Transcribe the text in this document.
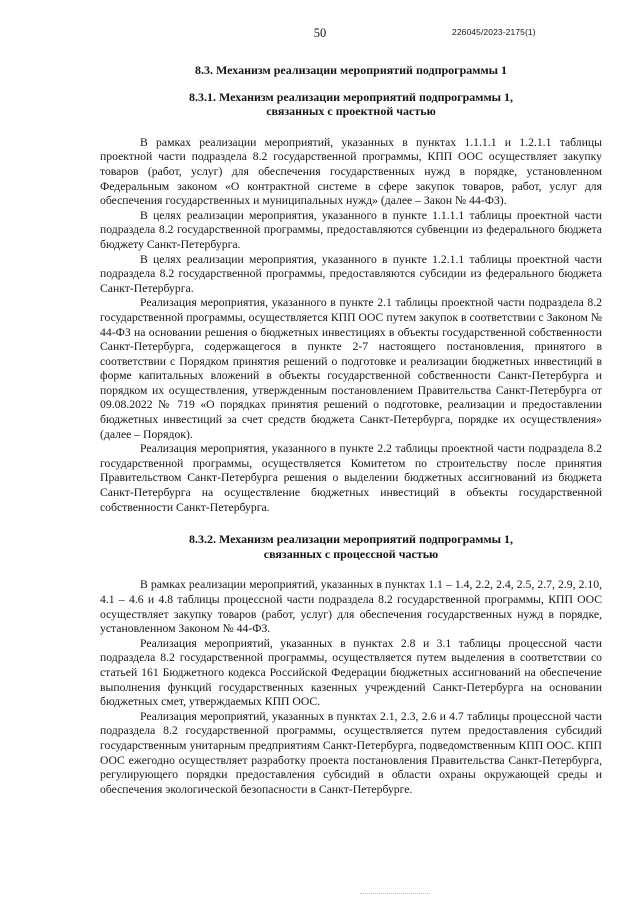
50	226045/2023-2175(1)

8.3. Механизм реализации мероприятий подпрограммы 1

8.3.1. Механизм реализации мероприятий подпрограммы 1,

связанных с проектной частью

В рамках реализации мероприятий, указанных в пунктах 1.1.1.1 и 1.2.1.1 таблицы проектной части подраздела 8.2 государственной программы, КПП ООС осуществляет закупку товаров (работ, услуг) для обеспечения государственных нужд в порядке, установленном Федеральным законом «О контрактной системе в сфере закупок товаров, работ, услуг для обеспечения государственных и муниципальных нужд» (далее – Закон № 44-ФЗ).

В целях реализации мероприятия, указанного в пункте 1.1.1.1 таблицы проектной части подраздела 8.2 государственной программы, предоставляются субвенции из федерального бюджета бюджету Санкт-Петербурга.

В целях реализации мероприятия, указанного в пункте 1.2.1.1 таблицы проектной части подраздела 8.2 государственной программы, предоставляются субсидии из федерального бюджета Санкт-Петербурга.

Реализация мероприятия, указанного в пункте 2.1 таблицы проектной части подраздела 8.2 государственной программы, осуществляется КПП ООС путем закупок в соответствии с Законом № 44-ФЗ на основании решения о бюджетных инвестициях в объекты государственной собственности Санкт-Петербурга, содержащегося в пункте 2-7 настоящего постановления, принятого в соответствии с Порядком принятия решений о подготовке и реализации бюджетных инвестиций в форме капитальных вложений в объекты государственной собственности Санкт-Петербурга и порядком их осуществления, утвержденным постановлением Правительства Санкт-Петербурга от 09.08.2022 № 719 «О порядках принятия решений о подготовке, реализации и предоставлении бюджетных инвестиций за счет средств бюджета Санкт-Петербурга, порядке их осуществления» (далее – Порядок).

Реализация мероприятия, указанного в пункте 2.2 таблицы проектной части подраздела 8.2 государственной программы, осуществляется Комитетом по строительству после принятия Правительством Санкт-Петербурга решения о выделении бюджетных ассигнований из бюджета Санкт-Петербурга на осуществление бюджетных инвестиций в объекты государственной собственности Санкт-Петербурга.

8.3.2. Механизм реализации мероприятий подпрограммы 1,

связанных с процессной частью

В рамках реализации мероприятий, указанных в пунктах 1.1 – 1.4, 2.2, 2.4, 2.5, 2.7, 2.9, 2.10, 4.1 – 4.6 и 4.8 таблицы процессной части подраздела 8.2 государственной программы, КПП ООС осуществляет закупку товаров (работ, услуг) для обеспечения государственных нужд в порядке, установленном Законом № 44-ФЗ.

Реализация мероприятий, указанных в пунктах 2.8 и 3.1 таблицы процессной части подраздела 8.2 государственной программы, осуществляется путем выделения в соответствии со статьей 161 Бюджетного кодекса Российской Федерации бюджетных ассигнований на обеспечение выполнения функций государственных казенных учреждений Санкт-Петербурга на основании бюджетных смет, утверждаемых КПП ООС.

Реализация мероприятий, указанных в пунктах 2.1, 2.3, 2.6 и 4.7 таблицы процессной части подраздела 8.2 государственной программы, осуществляется путем предоставления субсидий государственным унитарным предприятиям Санкт-Петербурга, подведомственным КПП ООС. КПП ООС ежегодно осуществляет разработку проекта постановления Правительства Санкт-Петербурга, регулирующего порядки предоставления субсидий в области охраны окружающей среды и обеспечения экологической безопасности в Санкт-Петербурге.
